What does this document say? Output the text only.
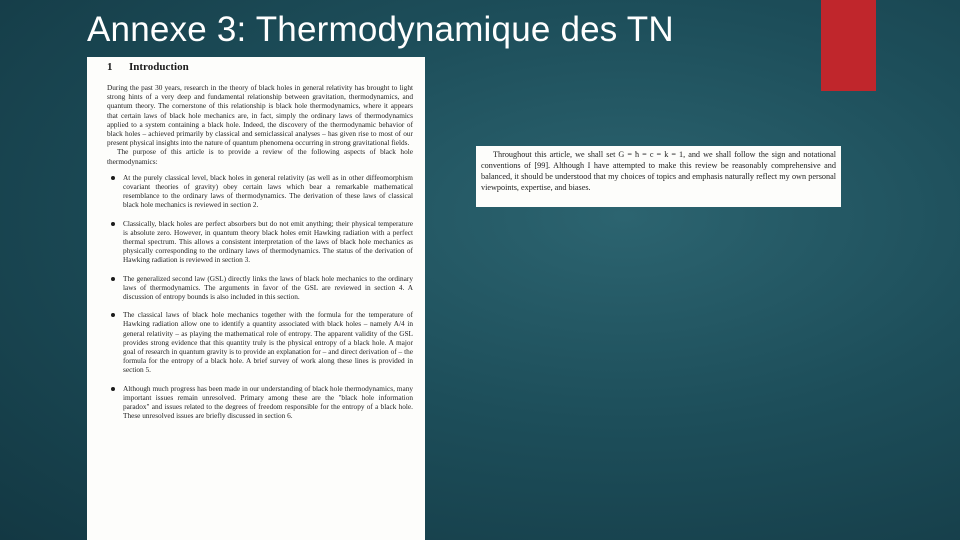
Annexe 3: Thermodynamique des TN
1 Introduction

During the past 30 years, research in the theory of black holes in general relativity has brought to light strong hints of a very deep and fundamental relationship between gravitation, thermodynamics, and quantum theory. The cornerstone of this relationship is black hole thermodynamics, where it appears that certain laws of black hole mechanics are, in fact, simply the ordinary laws of thermodynamics applied to a system containing a black hole. Indeed, the discovery of the thermodynamic behavior of black holes – achieved primarily by classical and semiclassical analyses – has given rise to most of our present physical insights into the nature of quantum phenomena occurring in strong gravitational fields.

The purpose of this article is to provide a review of the following aspects of black hole thermodynamics:

At the purely classical level, black holes in general relativity (as well as in other diffeomorphism covariant theories of gravity) obey certain laws which bear a remarkable mathematical resemblance to the ordinary laws of thermodynamics. The derivation of these laws of classical black hole mechanics is reviewed in section 2.
Classically, black holes are perfect absorbers but do not emit anything; their physical temperature is absolute zero. However, in quantum theory black holes emit Hawking radiation with a perfect thermal spectrum. This allows a consistent interpretation of the laws of black hole mechanics as physically corresponding to the ordinary laws of thermodynamics. The status of the derivation of Hawking radiation is reviewed in section 3.
The generalized second law (GSL) directly links the laws of black hole mechanics to the ordinary laws of thermodynamics. The arguments in favor of the GSL are reviewed in section 4. A discussion of entropy bounds is also included in this section.
The classical laws of black hole mechanics together with the formula for the temperature of Hawking radiation allow one to identify a quantity associated with black holes – namely A/4 in general relativity – as playing the mathematical role of entropy. The apparent validity of the GSL provides strong evidence that this quantity truly is the physical entropy of a black hole. A major goal of research in quantum gravity is to provide an explanation for – and direct derivation of – the formula for the entropy of a black hole. A brief survey of work along these lines is provided in section 5.
Although much progress has been made in our understanding of black hole thermodynamics, many important issues remain unresolved. Primary among these are the "black hole information paradox" and issues related to the degrees of freedom responsible for the entropy of a black hole. These unresolved issues are briefly discussed in section 6.

Throughout this article, we shall set G = ħ = c = k = 1, and we shall follow the sign and notational conventions of [99]. Although I have attempted to make this review be reasonably comprehensive and balanced, it should be understood that my choices of topics and emphasis naturally reflect my own personal viewpoints, expertise, and biases.
